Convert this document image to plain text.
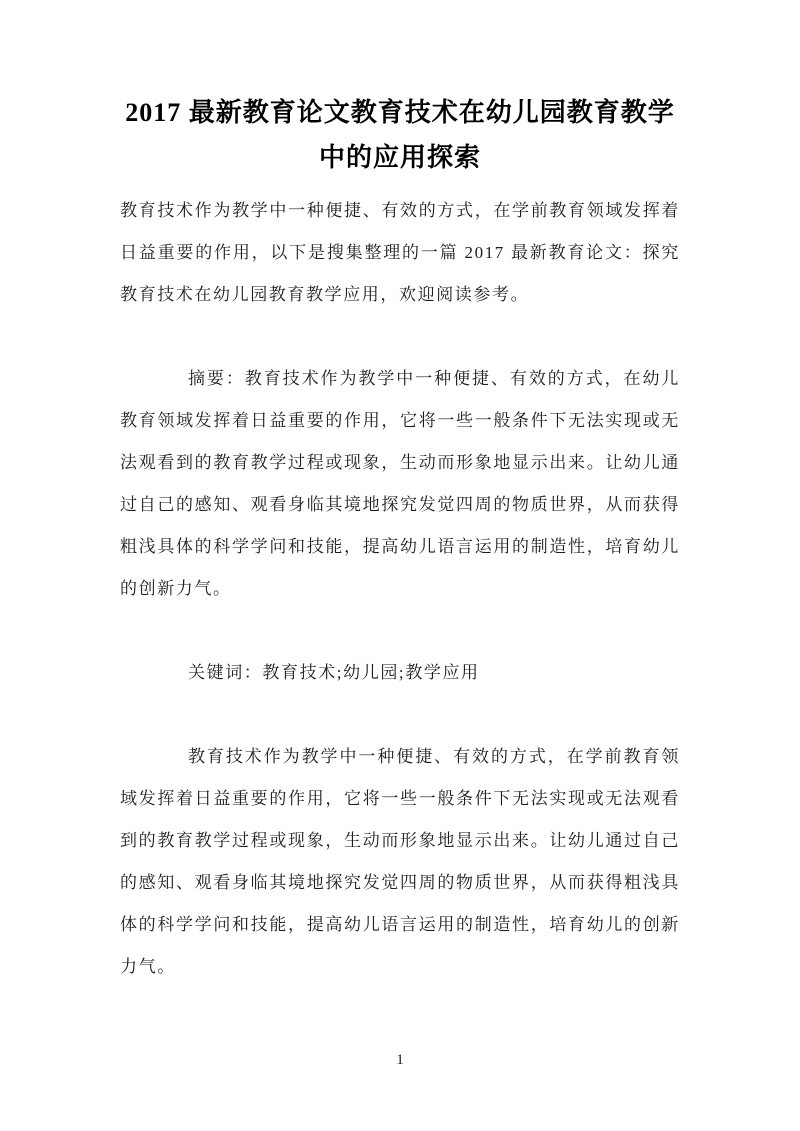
2017 最新教育论文教育技术在幼儿园教育教学中的应用探索

教育技术作为教学中一种便捷、有效的方式，在学前教育领域发挥着日益重要的作用，以下是搜集整理的一篇 2017 最新教育论文：探究教育技术在幼儿园教育教学应用，欢迎阅读参考。

摘要：教育技术作为教学中一种便捷、有效的方式，在幼儿教育领域发挥着日益重要的作用，它将一些一般条件下无法实现或无法观看到的教育教学过程或现象，生动而形象地显示出来。让幼儿通过自己的感知、观看身临其境地探究发觉四周的物质世界，从而获得粗浅具体的科学学问和技能，提高幼儿语言运用的制造性，培育幼儿的创新力气。

关键词：教育技术;幼儿园;教学应用

教育技术作为教学中一种便捷、有效的方式，在学前教育领域发挥着日益重要的作用，它将一些一般条件下无法实现或无法观看到的教育教学过程或现象，生动而形象地显示出来。让幼儿通过自己的感知、观看身临其境地探究发觉四周的物质世界，从而获得粗浅具体的科学学问和技能，提高幼儿语言运用的制造性，培育幼儿的创新力气。

1
